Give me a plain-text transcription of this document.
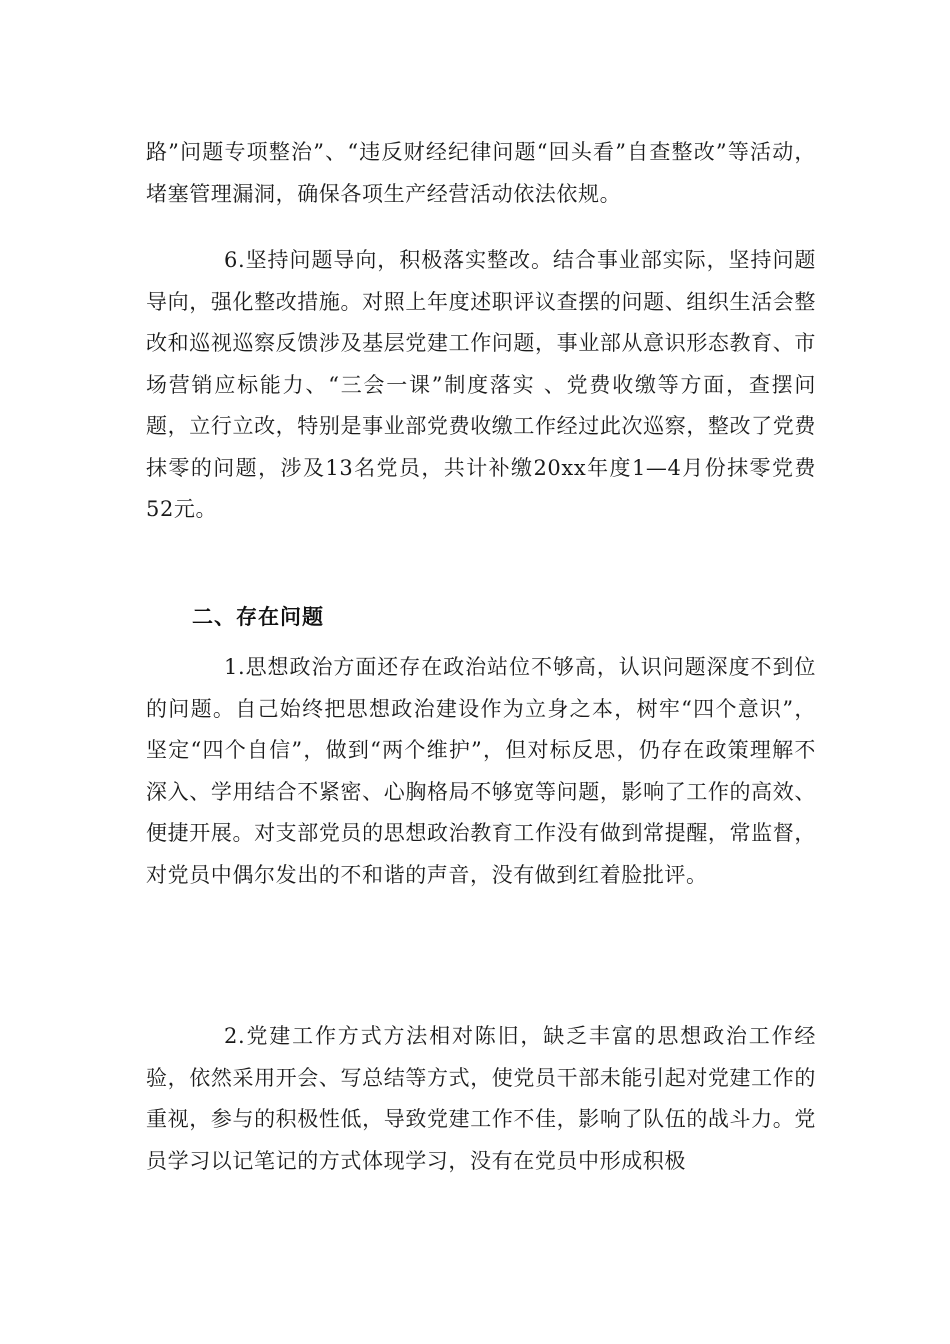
路”问题专项整治”、“违反财经纪律问题“回头看”自查整改”等活动，堵塞管理漏洞，确保各项生产经营活动依法依规。

6.坚持问题导向，积极落实整改。结合事业部实际，坚持问题导向，强化整改措施。对照上年度述职评议查摆的问题、组织生活会整改和巡视巡察反馈涉及基层党建工作问题，事业部从意识形态教育、市场营销应标能力、“三会一课”制度落实 、党费收缴等方面，查摆问题，立行立改，特别是事业部党费收缴工作经过此次巡察，整改了党费抹零的问题，涉及13名党员，共计补缴20xx年度1—4月份抹零党费52元。

二、存在问题

1.思想政治方面还存在政治站位不够高，认识问题深度不到位的问题。自己始终把思想政治建设作为立身之本，树牢“四个意识”，坚定“四个自信”，做到“两个维护”，但对标反思，仍存在政策理解不深入、学用结合不紧密、心胸格局不够宽等问题，影响了工作的高效、便捷开展。对支部党员的思想政治教育工作没有做到常提醒，常监督，对党员中偶尔发出的不和谐的声音，没有做到红着脸批评。

2.党建工作方式方法相对陈旧，缺乏丰富的思想政治工作经验，依然采用开会、写总结等方式，使党员干部未能引起对党建工作的重视，参与的积极性低，导致党建工作不佳，影响了队伍的战斗力。党员学习以记笔记的方式体现学习，没有在党员中形成积极
